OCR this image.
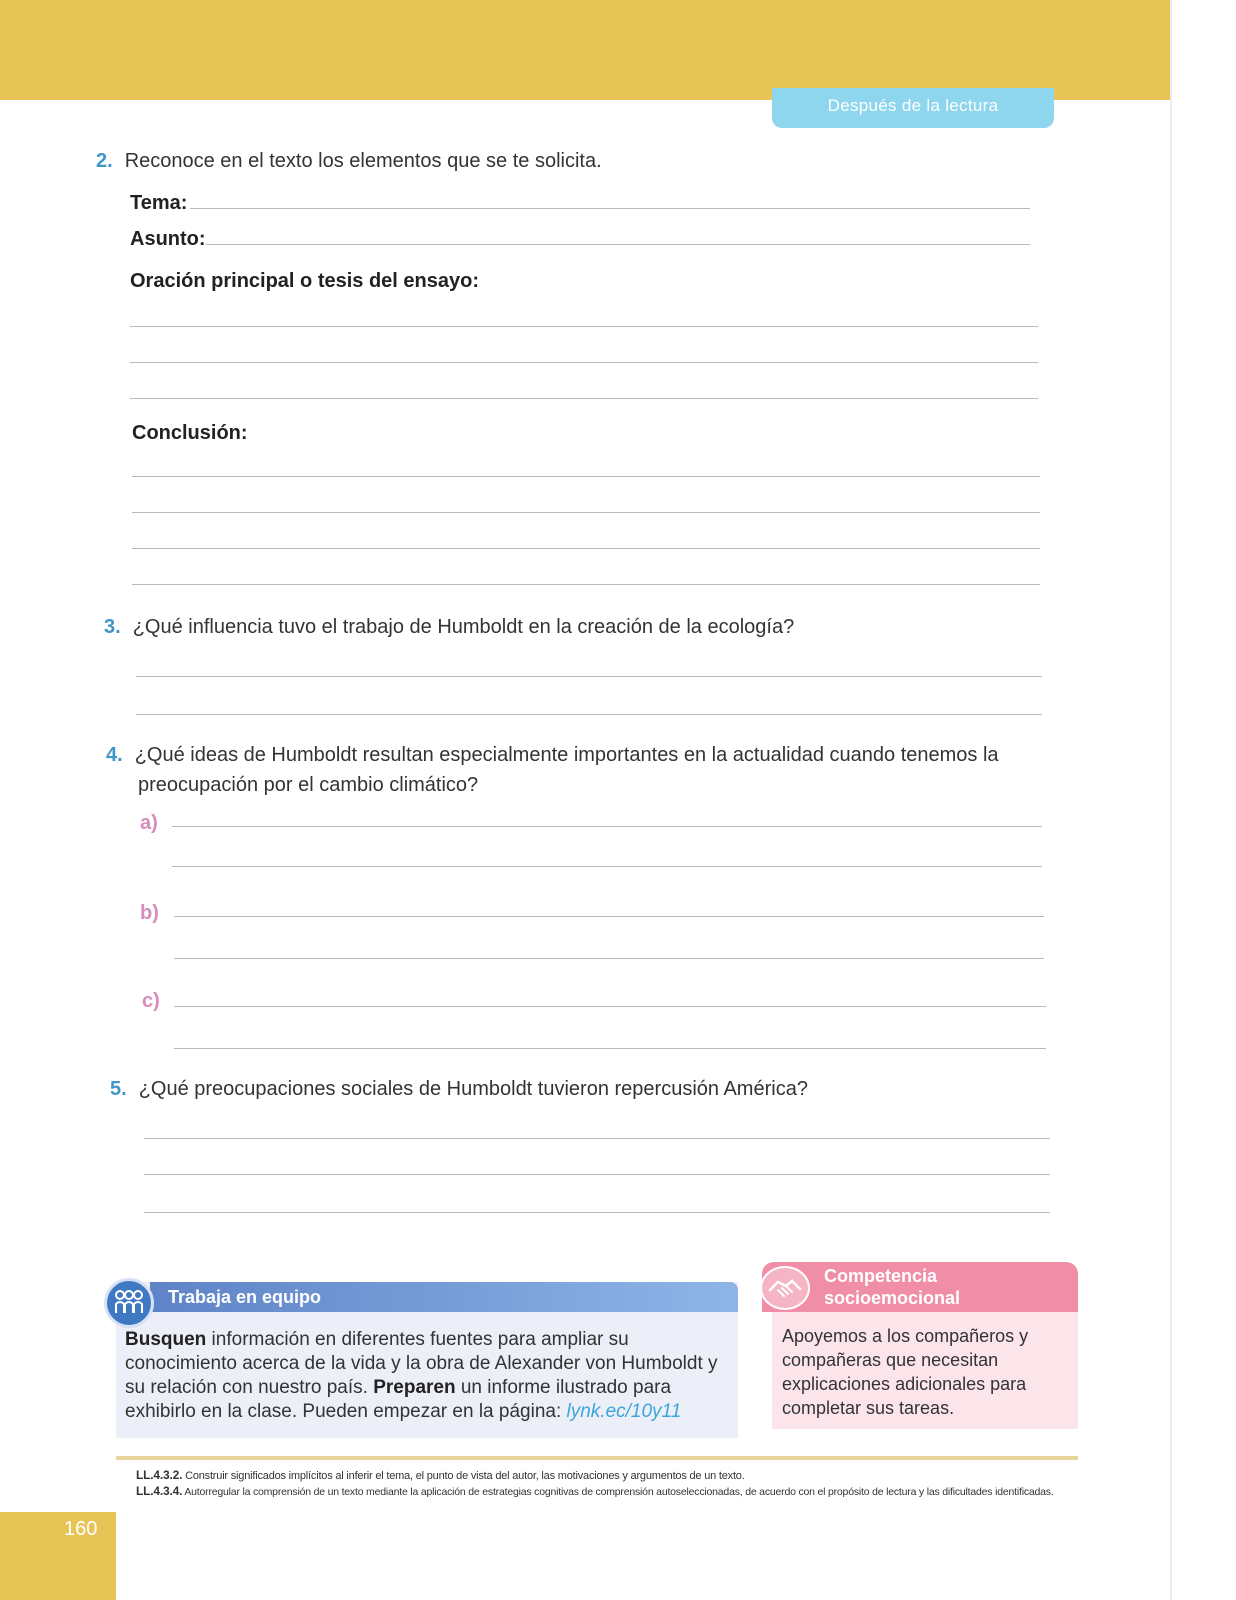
Después de la lectura
2. Reconoce en el texto los elementos que se te solicita.
Tema:
Asunto:
Oración principal o tesis del ensayo:
Conclusión:
3. ¿Qué influencia tuvo el trabajo de Humboldt en la creación de la ecología?
4. ¿Qué ideas de Humboldt resultan especialmente importantes en la actualidad cuando tenemos la
preocupación por el cambio climático?
a)
b)
c)
5. ¿Qué preocupaciones sociales de Humboldt tuvieron repercusión América?
Trabaja en equipo
Busquen información en diferentes fuentes para ampliar su conocimiento acerca de la vida y la obra de Alexander von Humboldt y su relación con nuestro país. Preparen un informe ilustrado para exhibirlo en la clase. Pueden empezar en la página: lynk.ec/10y11
Competencia
socioemocional
Apoyemos a los compañeros y compañeras que necesitan explicaciones adicionales para completar sus tareas.
LL.4.3.2. Construir significados implícitos al inferir el tema, el punto de vista del autor, las motivaciones y argumentos de un texto.
LL.4.3.4. Autorregular la comprensión de un texto mediante la aplicación de estrategias cognitivas de comprensión autoseleccionadas, de acuerdo con el propósito de lectura y las dificultades identificadas.
160
